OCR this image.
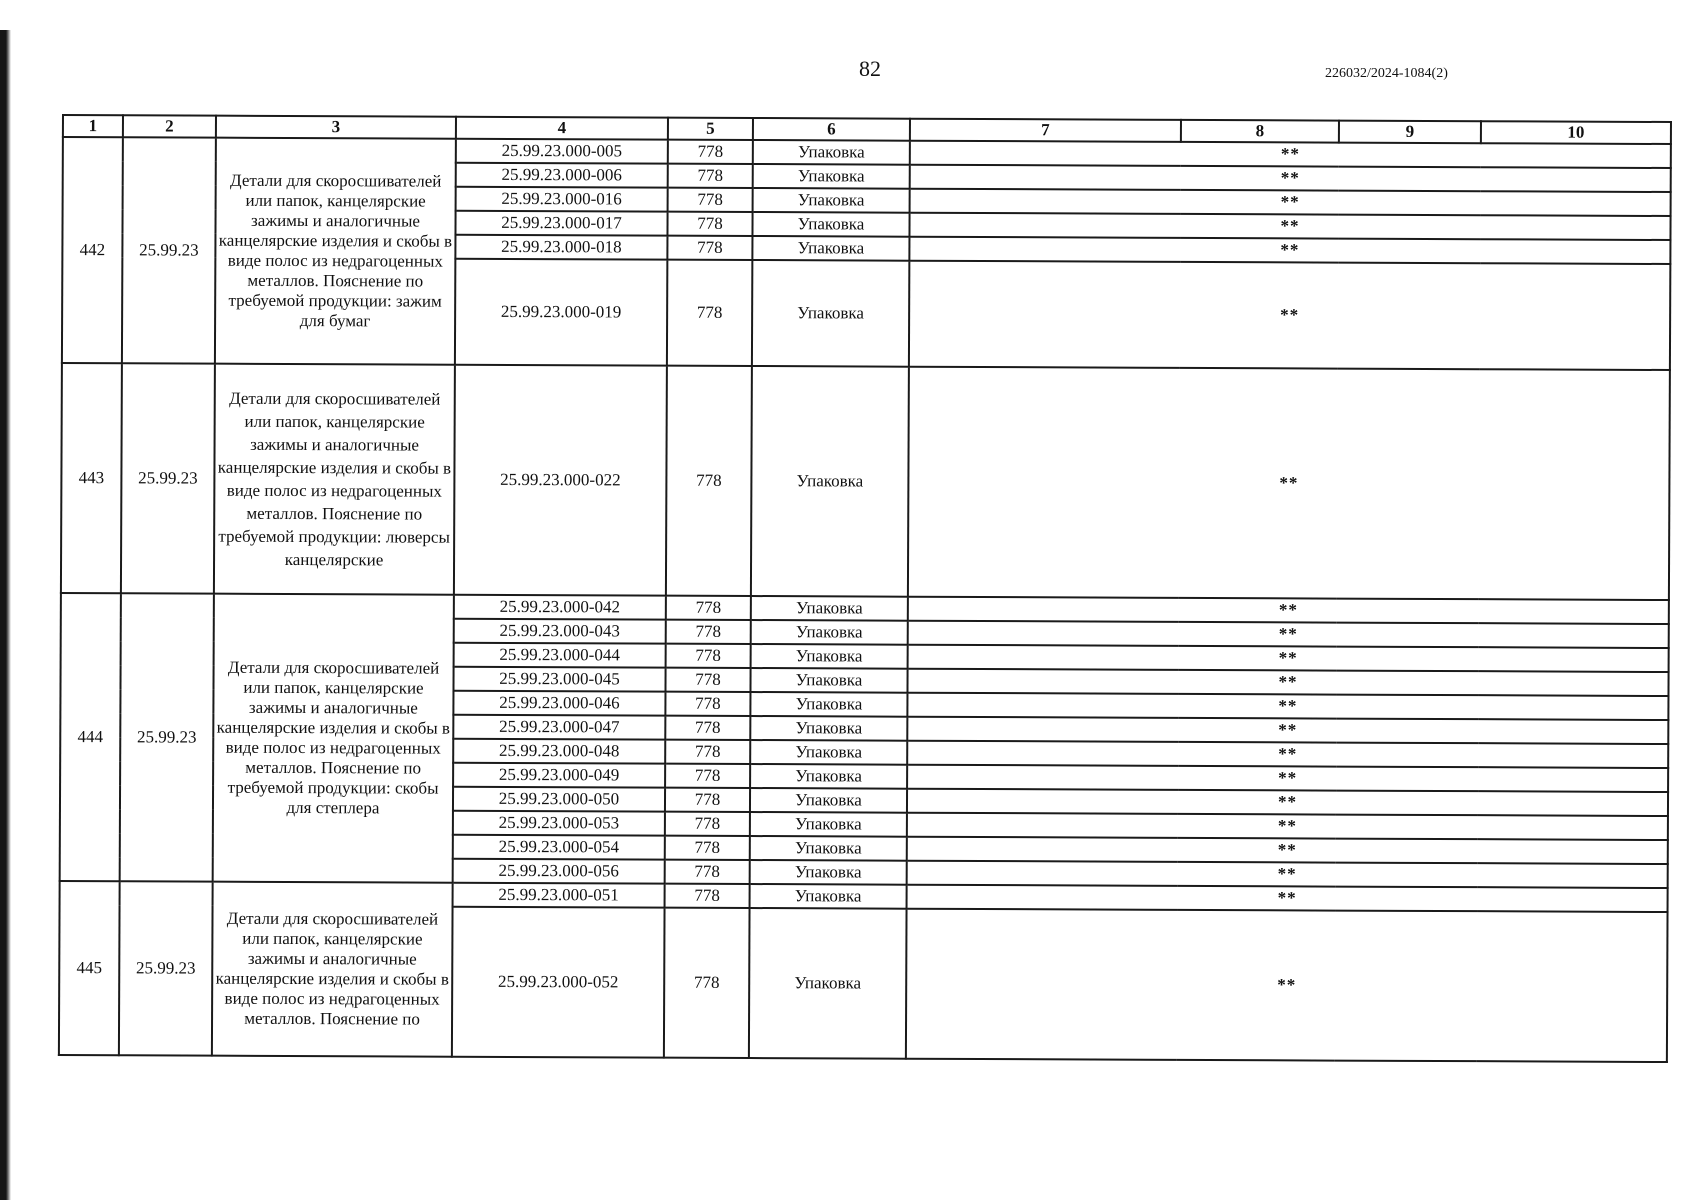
82	226032/2024-1084(2)
1	2	3	4	5	6	7	8	9	10
442	25.99.23	Детали для скоросшивателей или папок, канцелярские зажимы и аналогичные канцелярские изделия и скобы в виде полос из недрагоценных металлов. Пояснение по требуемой продукции: зажим для бумаг	25.99.23.000-005	778	Упаковка	**			
			25.99.23.000-006	778	Упаковка	**			
			25.99.23.000-016	778	Упаковка	**			
			25.99.23.000-017	778	Упаковка	**			
			25.99.23.000-018	778	Упаковка	**			
			25.99.23.000-019	778	Упаковка	**			
443	25.99.23	Детали для скоросшивателей или папок, канцелярские зажимы и аналогичные канцелярские изделия и скобы в виде полос из недрагоценных металлов. Пояснение по требуемой продукции: люверсы канцелярские	25.99.23.000-022	778	Упаковка	**			
444	25.99.23	Детали для скоросшивателей или папок, канцелярские зажимы и аналогичные канцелярские изделия и скобы в виде полос из недрагоценных металлов. Пояснение по требуемой продукции: скобы для степлера	25.99.23.000-042	778	Упаковка	**			
			25.99.23.000-043	778	Упаковка	**			
			25.99.23.000-044	778	Упаковка	**			
			25.99.23.000-045	778	Упаковка	**			
			25.99.23.000-046	778	Упаковка	**			
			25.99.23.000-047	778	Упаковка	**			
			25.99.23.000-048	778	Упаковка	**			
			25.99.23.000-049	778	Упаковка	**			
			25.99.23.000-050	778	Упаковка	**			
			25.99.23.000-053	778	Упаковка	**			
			25.99.23.000-054	778	Упаковка	**			
			25.99.23.000-056	778	Упаковка	**			
445	25.99.23	Детали для скоросшивателей или папок, канцелярские зажимы и аналогичные канцелярские изделия и скобы в виде полос из недрагоценных металлов. Пояснение по	25.99.23.000-051	778	Упаковка	**			
			25.99.23.000-052	778	Упаковка	**			
